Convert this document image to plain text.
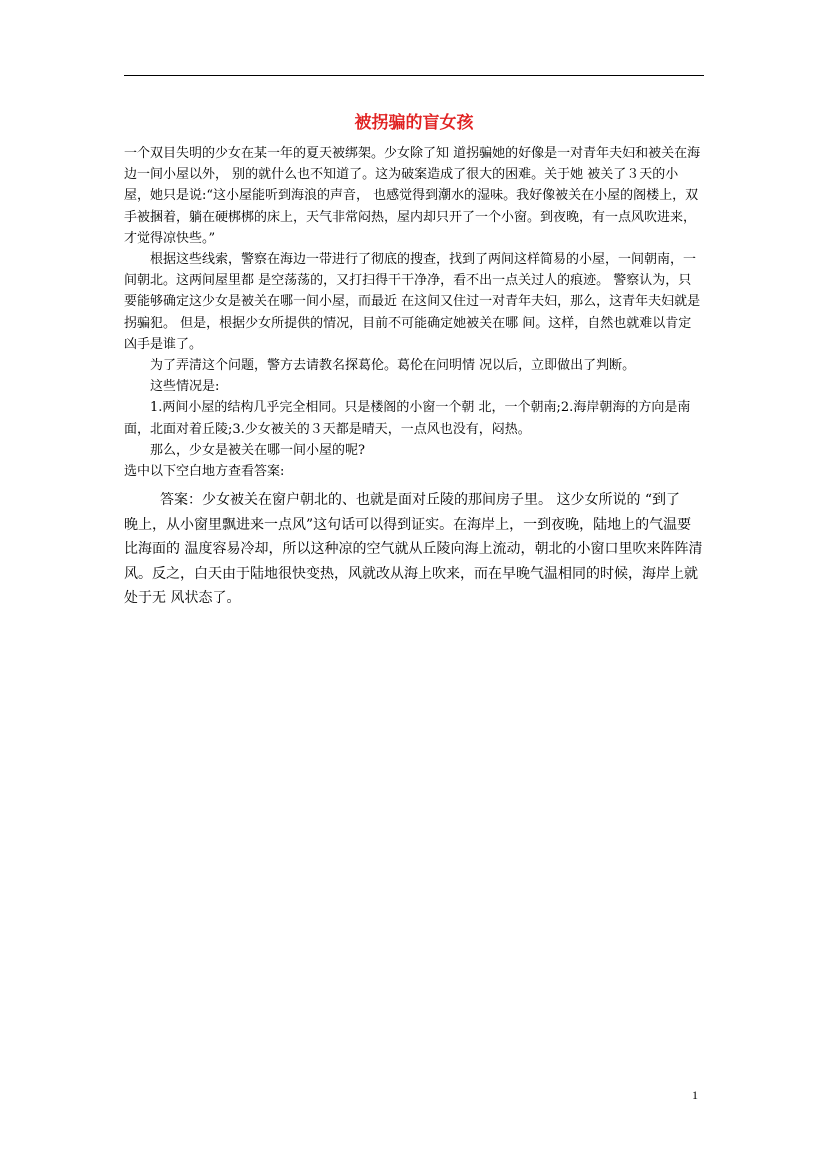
被拐骗的盲女孩

一个双目失明的少女在某一年的夏天被绑架。少女除了知 道拐骗她的好像是一对青年夫妇和被关在海边一间小屋以外， 别的就什么也不知道了。这为破案造成了很大的困难。关于她 被关了３天的小屋，她只是说:“这小屋能听到海浪的声音， 也感觉得到潮水的湿味。我好像被关在小屋的阁楼上，双手被捆着，躺在硬梆梆的床上，天气非常闷热，屋内却只开了一个小窗。到夜晚，有一点风吹进来，才觉得凉快些。”

根据这些线索，警察在海边一带进行了彻底的搜查，找到了两间这样简易的小屋，一间朝南，一间朝北。这两间屋里都 是空荡荡的，又打扫得干干净净，看不出一点关过人的痕迹。 警察认为，只要能够确定这少女是被关在哪一间小屋，而最近 在这间又住过一对青年夫妇，那么，这青年夫妇就是拐骗犯。 但是，根据少女所提供的情况，目前不可能确定她被关在哪 间。这样，自然也就难以肯定凶手是谁了。

为了弄清这个问题，警方去请教名探葛伦。葛伦在问明情 况以后，立即做出了判断。

这些情况是:

1.两间小屋的结构几乎完全相同。只是楼阁的小窗一个朝 北，一个朝南;2.海岸朝海的方向是南面，北面对着丘陵;3.少女被关的３天都是晴天，一点风也没有，闷热。

那么，少女是被关在哪一间小屋的呢?

选中以下空白地方查看答案:

答案：少女被关在窗户朝北的、也就是面对丘陵的那间房子里。 这少女所说的 “到了

晚上，从小窗里飘进来一点风”这句话可以得到证实。在海岸上，一到夜晚，陆地上的气温要比海面的 温度容易冷却，所以这种凉的空气就从丘陵向海上流动，朝北的小窗口里吹来阵阵清风。反之，白天由于陆地很快变热，风就改从海上吹来，而在早晚气温相同的时候，海岸上就处于无 风状态了。

1
